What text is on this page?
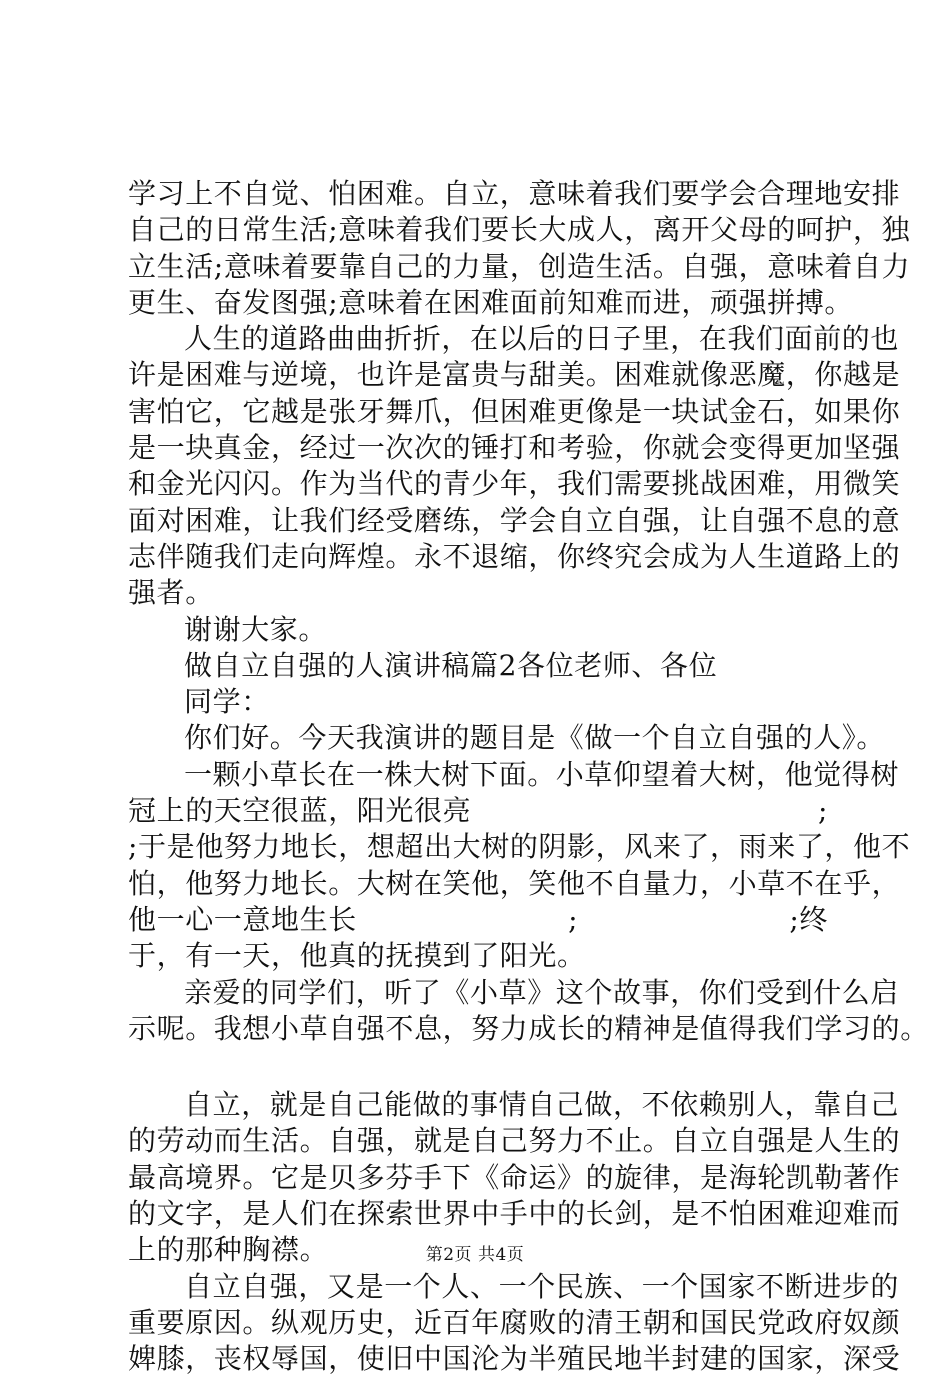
学习上不自觉、怕困难。自立，意味着我们要学会合理地安排
自己的日常生活;意味着我们要长大成人，离开父母的呵护，独
立生活;意味着要靠自己的力量，创造生活。自强，意味着自力
更生、奋发图强;意味着在困难面前知难而进，顽强拼搏。
人生的道路曲曲折折，在以后的日子里，在我们面前的也
许是困难与逆境，也许是富贵与甜美。困难就像恶魔，你越是
害怕它，它越是张牙舞爪，但困难更像是一块试金石，如果你
是一块真金，经过一次次的锤打和考验，你就会变得更加坚强
和金光闪闪。作为当代的青少年，我们需要挑战困难，用微笑
面对困难，让我们经受磨练，学会自立自强，让自强不息的意
志伴随我们走向辉煌。永不退缩，你终究会成为人生道路上的
强者。
谢谢大家。
做自立自强的人演讲稿篇2各位老师、各位
同学：
你们好。今天我演讲的题目是《做一个自立自强的人》。
一颗小草长在一株大树下面。小草仰望着大树，他觉得树
冠上的天空很蓝，阳光很亮	;
;于是他努力地长，想超出大树的阴影，风来了，雨来了，他不
怕，他努力地长。大树在笑他，笑他不自量力，小草不在乎，
他一心一意地生长	;	;终
于，有一天，他真的抚摸到了阳光。
亲爱的同学们，听了《小草》这个故事，你们受到什么启
示呢。我想小草自强不息，努力成长的精神是值得我们学习的。
自立，就是自己能做的事情自己做，不依赖别人，靠自己
的劳动而生活。自强，就是自己努力不止。自立自强是人生的
最高境界。它是贝多芬手下《命运》的旋律，是海轮凯勒著作
的文字，是人们在探索世界中手中的长剑，是不怕困难迎难而
上的那种胸襟。
自立自强，又是一个人、一个民族、一个国家不断进步的
重要原因。纵观历史，近百年腐败的清王朝和国民党政府奴颜
婢膝，丧权辱国，使旧中国沦为半殖民地半封建的国家，深受
第2页 共4页
